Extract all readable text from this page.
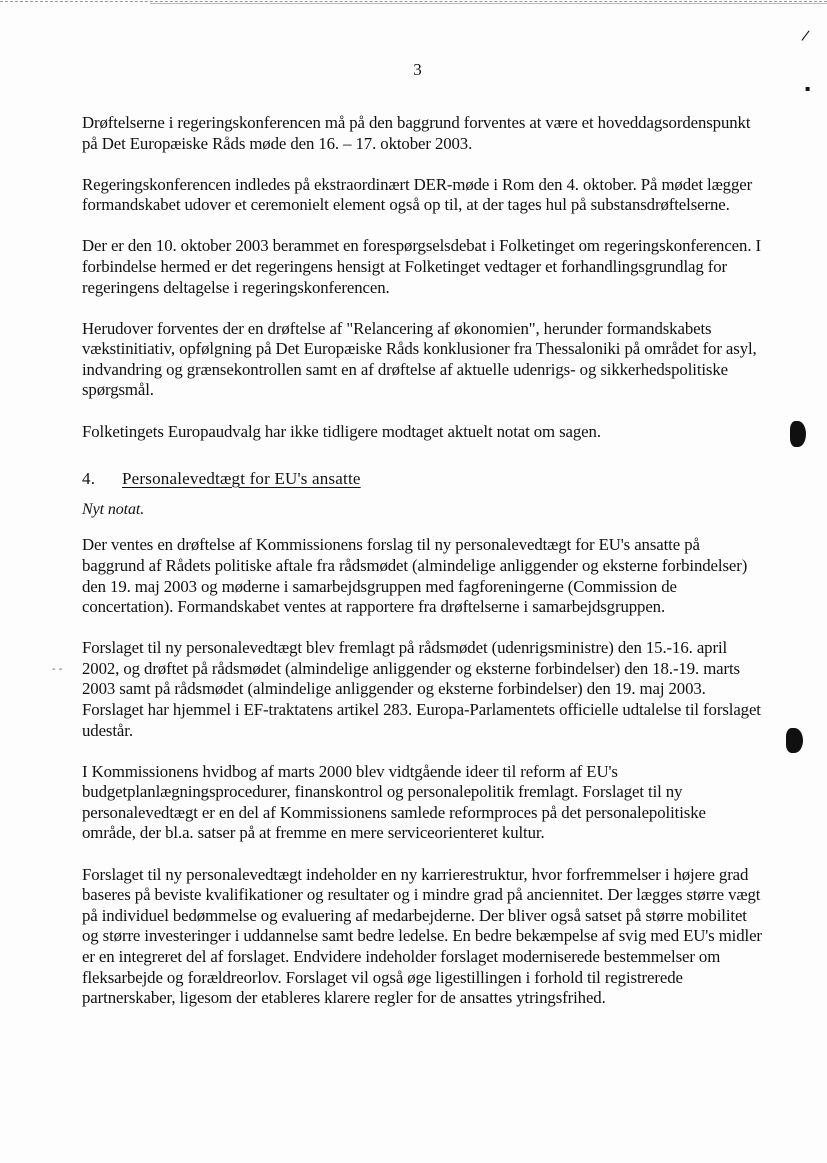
3
/
▪
- -

Drøftelserne i regeringskonferencen må på den baggrund forventes at være et hoveddagsordenspunkt på Det Europæiske Råds møde den 16. – 17. oktober 2003.

Regeringskonferencen indledes på ekstraordinært DER-møde i Rom den 4. oktober. På mødet lægger formandskabet udover et ceremonielt element også op til, at der tages hul på substansdrøftelserne.

Der er den 10. oktober 2003 berammet en forespørgselsdebat i Folketinget om regeringskonferencen. I forbindelse hermed er det regeringens hensigt at Folketinget vedtager et forhandlingsgrundlag for regeringens deltagelse i regeringskonferencen.

Herudover forventes der en drøftelse af "Relancering af økonomien", herunder formandskabets vækstinitiativ, opfølgning på Det Europæiske Råds konklusioner fra Thessaloniki på området for asyl, indvandring og grænsekontrollen samt en af drøftelse af aktuelle udenrigs- og sikkerhedspolitiske spørgsmål.

Folketingets Europaudvalg har ikke tidligere modtaget aktuelt notat om sagen.

4. Personalevedtægt for EU's ansatte
Nyt notat.

Der ventes en drøftelse af Kommissionens forslag til ny personalevedtægt for EU's ansatte på baggrund af Rådets politiske aftale fra rådsmødet (almindelige anliggender og eksterne forbindelser) den 19. maj 2003 og møderne i samarbejdsgruppen med fagforeningerne (Commission de concertation). Formandskabet ventes at rapportere fra drøftelserne i samarbejdsgruppen.

Forslaget til ny personalevedtægt blev fremlagt på rådsmødet (udenrigsministre) den 15.-16. april 2002, og drøftet på rådsmødet (almindelige anliggender og eksterne forbindelser) den 18.-19. marts 2003 samt på rådsmødet (almindelige anliggender og eksterne forbindelser) den 19. maj 2003. Forslaget har hjemmel i EF-traktatens artikel 283. Europa-Parlamentets officielle udtalelse til forslaget udestår.

I Kommissionens hvidbog af marts 2000 blev vidtgående ideer til reform af EU's budgetplanlægningsprocedurer, finanskontrol og personalepolitik fremlagt. Forslaget til ny personalevedtægt er en del af Kommissionens samlede reformproces på det personalepolitiske område, der bl.a. satser på at fremme en mere serviceorienteret kultur.

Forslaget til ny personalevedtægt indeholder en ny karrierestruktur, hvor forfremmelser i højere grad baseres på beviste kvalifikationer og resultater og i mindre grad på anciennitet. Der lægges større vægt på individuel bedømmelse og evaluering af medarbejderne. Der bliver også satset på større mobilitet og større investeringer i uddannelse samt bedre ledelse. En bedre bekæmpelse af svig med EU's midler er en integreret del af forslaget. Endvidere indeholder forslaget moderniserede bestemmelser om fleksarbejde og forældreorlov. Forslaget vil også øge ligestillingen i forhold til registrerede partnerskaber, ligesom der etableres klarere regler for de ansattes ytringsfrihed.
